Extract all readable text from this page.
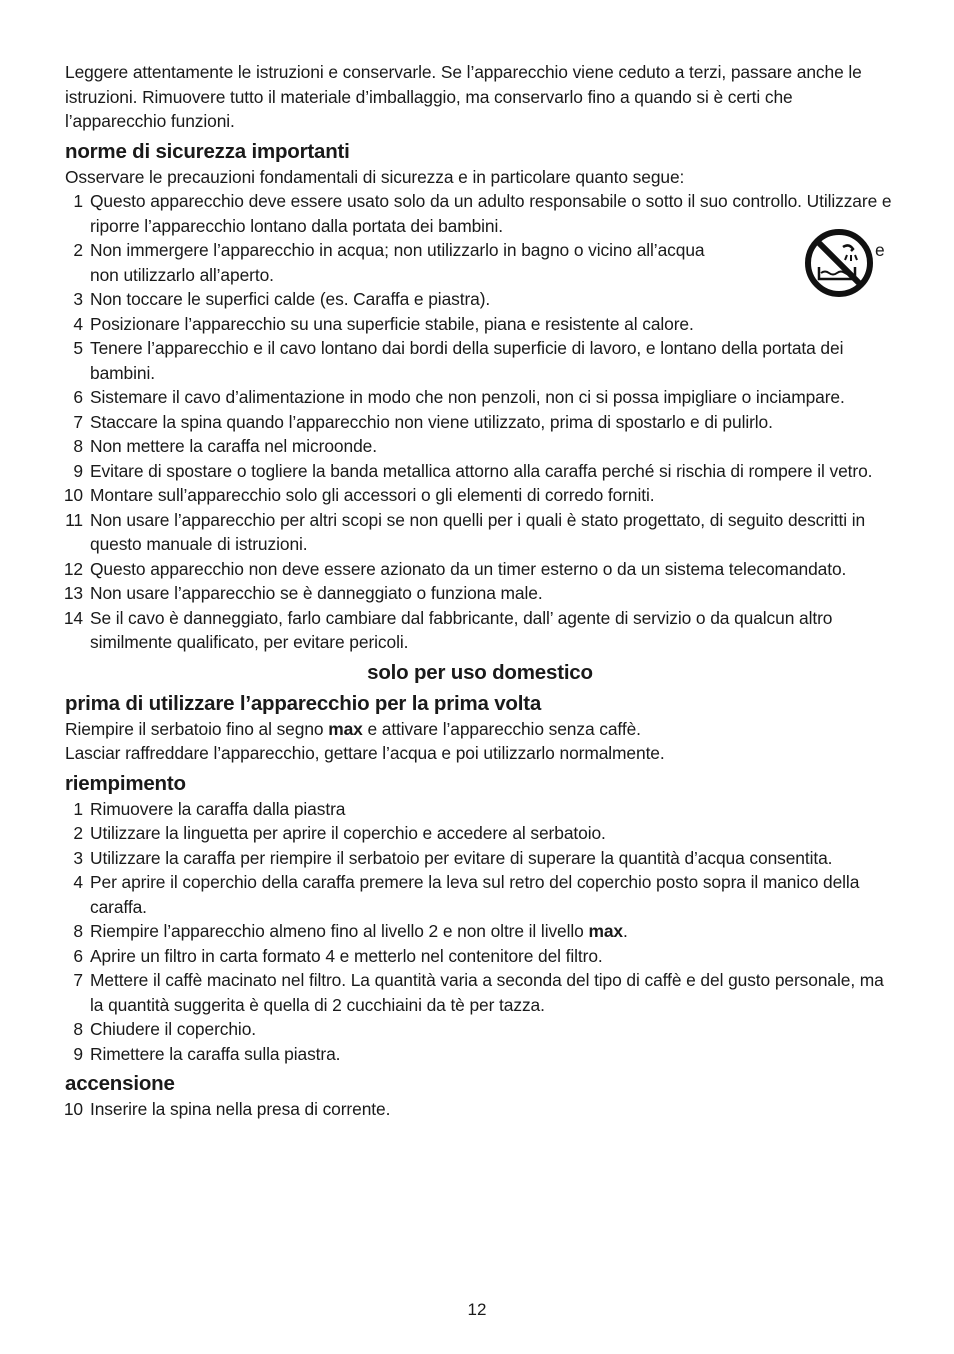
Leggere attentamente le istruzioni e conservarle. Se l’apparecchio viene ceduto a terzi, passare anche le istruzioni. Rimuovere tutto il materiale d’imballaggio, ma conservarlo fino a quando si è certi che l’apparecchio funzioni.

norme di sicurezza importanti

Osservare le precauzioni fondamentali di sicurezza e in particolare quanto segue:

1 Questo apparecchio deve essere usato solo da un adulto responsabile o sotto il suo controllo. Utilizzare e riporre l’apparecchio lontano dalla portata dei bambini.
2 Non immergere l’apparecchio in acqua; non utilizzarlo in bagno o vicino all’acqua	e

non utilizzarlo all’aperto.
3 Non toccare le superfici calde (es. Caraffa e piastra).
4 Posizionare l’apparecchio su una superficie stabile, piana e resistente al calore.
5 Tenere l’apparecchio e il cavo lontano dai bordi della superficie di lavoro, e lontano della portata dei bambini.
6 Sistemare il cavo d’alimentazione in modo che non penzoli, non ci si possa impigliare o inciampare.
7 Staccare la spina quando l’apparecchio non viene utilizzato, prima di spostarlo e di pulirlo.
8 Non mettere la caraffa nel microonde.
9 Evitare di spostare o togliere la banda metallica attorno alla caraffa perché si rischia di rompere il vetro.
10 Montare sull’apparecchio solo gli accessori o gli elementi di corredo forniti.
11 Non usare l’apparecchio per altri scopi se non quelli per i quali è stato progettato, di seguito descritti in questo manuale di istruzioni.
12 Questo apparecchio non deve essere azionato da un timer esterno o da un sistema telecomandato.
13 Non usare l’apparecchio se è danneggiato o funziona male.
14 Se il cavo è danneggiato, farlo cambiare dal fabbricante, dall’ agente di servizio o da qualcun altro similmente qualificato, per evitare pericoli.
solo per uso domestico
prima di utilizzare l’apparecchio per la prima volta

Riempire il serbatoio fino al segno max e attivare l’apparecchio senza caffè.

Lasciar raffreddare l’apparecchio, gettare l’acqua e poi utilizzarlo normalmente.

riempimento
1 Rimuovere la caraffa dalla piastra
2 Utilizzare la linguetta per aprire il coperchio e accedere al serbatoio.
3 Utilizzare la caraffa per riempire il serbatoio per evitare di superare la quantità d’acqua consentita.
4 Per aprire il coperchio della caraffa premere la leva sul retro del coperchio posto sopra il manico della caraffa.
8 Riempire l’apparecchio almeno fino al livello 2 e non oltre il livello max.
6 Aprire un filtro in carta formato 4 e metterlo nel contenitore del filtro.
7 Mettere il caffè macinato nel filtro. La quantità varia a seconda del tipo di caffè e del gusto personale, ma la quantità suggerita è quella di 2 cucchiaini da tè per tazza.
8 Chiudere il coperchio.
9 Rimettere la caraffa sulla piastra.
accensione
10 Inserire la spina nella presa di corrente.
12
